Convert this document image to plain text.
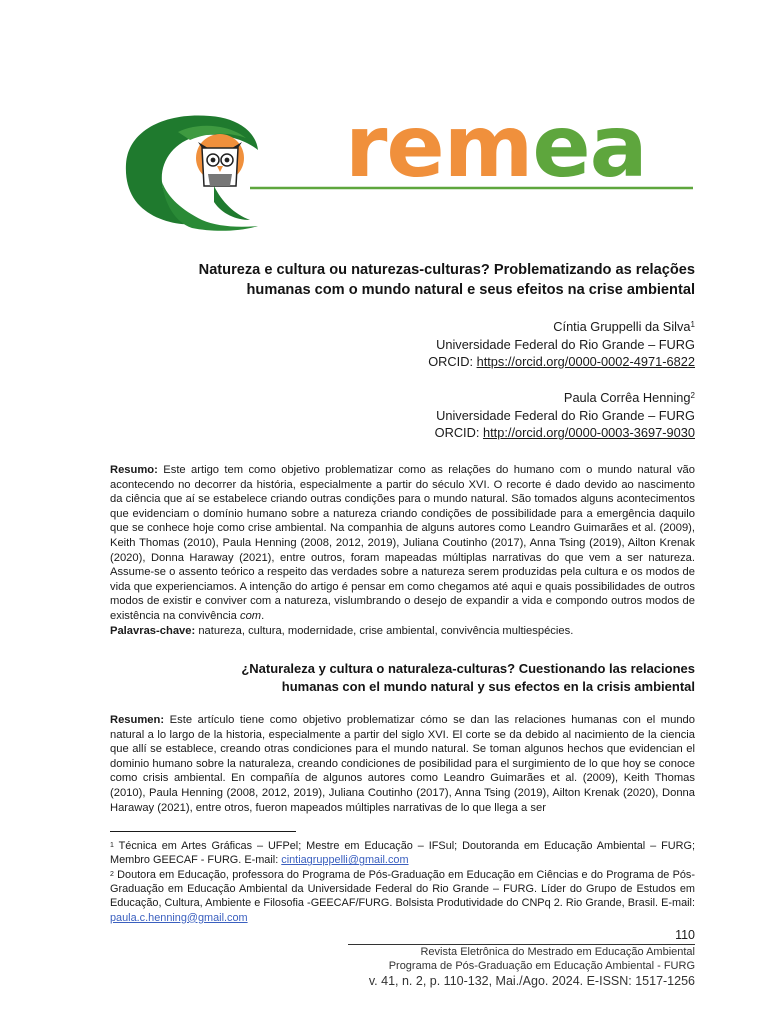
remea
Natureza e cultura ou naturezas-culturas? Problematizando as relações
humanas com o mundo natural e seus efeitos na crise ambiental
Cíntia Gruppelli da Silva$^1$
Universidade Federal do Rio Grande – FURG
ORCID: https://orcid.org/0000-0002-4971-6822
Paula Corrêa Henning$^2$
Universidade Federal do Rio Grande – FURG
ORCID: http://orcid.org/0000-0003-3697-9030
Resumo: Este artigo tem como objetivo problematizar como as relações do humano com o mundo natural vão acontecendo no decorrer da história, especialmente a partir do século XVI. O recorte é dado devido ao nascimento da ciência que aí se estabelece criando outras condições para o mundo natural. São tomados alguns acontecimentos que evidenciam o domínio humano sobre a natureza criando condições de possibilidade para a emergência daquilo que se conhece hoje como crise ambiental. Na companhia de alguns autores como Leandro Guimarães et al. (2009), Keith Thomas (2010), Paula Henning (2008, 2012, 2019), Juliana Coutinho (2017), Anna Tsing (2019), Ailton Krenak (2020), Donna Haraway (2021), entre outros, foram mapeadas múltiplas narrativas do que vem a ser natureza. Assume-se o assento teórico a respeito das verdades sobre a natureza serem produzidas pela cultura e os modos de vida que experienciamos. A intenção do artigo é pensar em como chegamos até aqui e quais possibilidades de outros modos de existir e conviver com a natureza, vislumbrando o desejo de expandir a vida e compondo outros modos de existência na convivência com.
Palavras-chave: natureza, cultura, modernidade, crise ambiental, convivência multiespécies.
¿Naturaleza y cultura o naturaleza-culturas? Cuestionando las relaciones
humanas con el mundo natural y sus efectos en la crisis ambiental
Resumen: Este artículo tiene como objetivo problematizar cómo se dan las relaciones humanas con el mundo natural a lo largo de la historia, especialmente a partir del siglo XVI. El corte se da debido al nacimiento de la ciencia que allí se establece, creando otras condiciones para el mundo natural. Se toman algunos hechos que evidencian el dominio humano sobre la naturaleza, creando condiciones de posibilidad para el surgimiento de lo que hoy se conoce como crisis ambiental. En compañía de algunos autores como Leandro Guimarães et al. (2009), Keith Thomas (2010), Paula Henning (2008, 2012, 2019), Juliana Coutinho (2017), Anna Tsing (2019), Ailton Krenak (2020), Donna Haraway (2021), entre otros, fueron mapeados múltiples narrativas de lo que llega a ser
$^1$ Técnica em Artes Gráficas – UFPel; Mestre em Educação – IFSul; Doutoranda em Educação Ambiental – FURG; Membro GEECAF - FURG. E-mail: cintiagruppelli@gmail.com
$^2$ Doutora em Educação, professora do Programa de Pós-Graduação em Educação em Ciências e do Programa de Pós-Graduação em Educação Ambiental da Universidade Federal do Rio Grande – FURG. Líder do Grupo de Estudos em Educação, Cultura, Ambiente e Filosofia -GEECAF/FURG. Bolsista Produtividade do CNPq 2. Rio Grande, Brasil. E-mail: paula.c.henning@gmail.com
110
Revista Eletrônica do Mestrado em Educação Ambiental
Programa de Pós-Graduação em Educação Ambiental - FURG
v. 41, n. 2, p. 110-132, Mai./Ago. 2024. E-ISSN: 1517-1256
